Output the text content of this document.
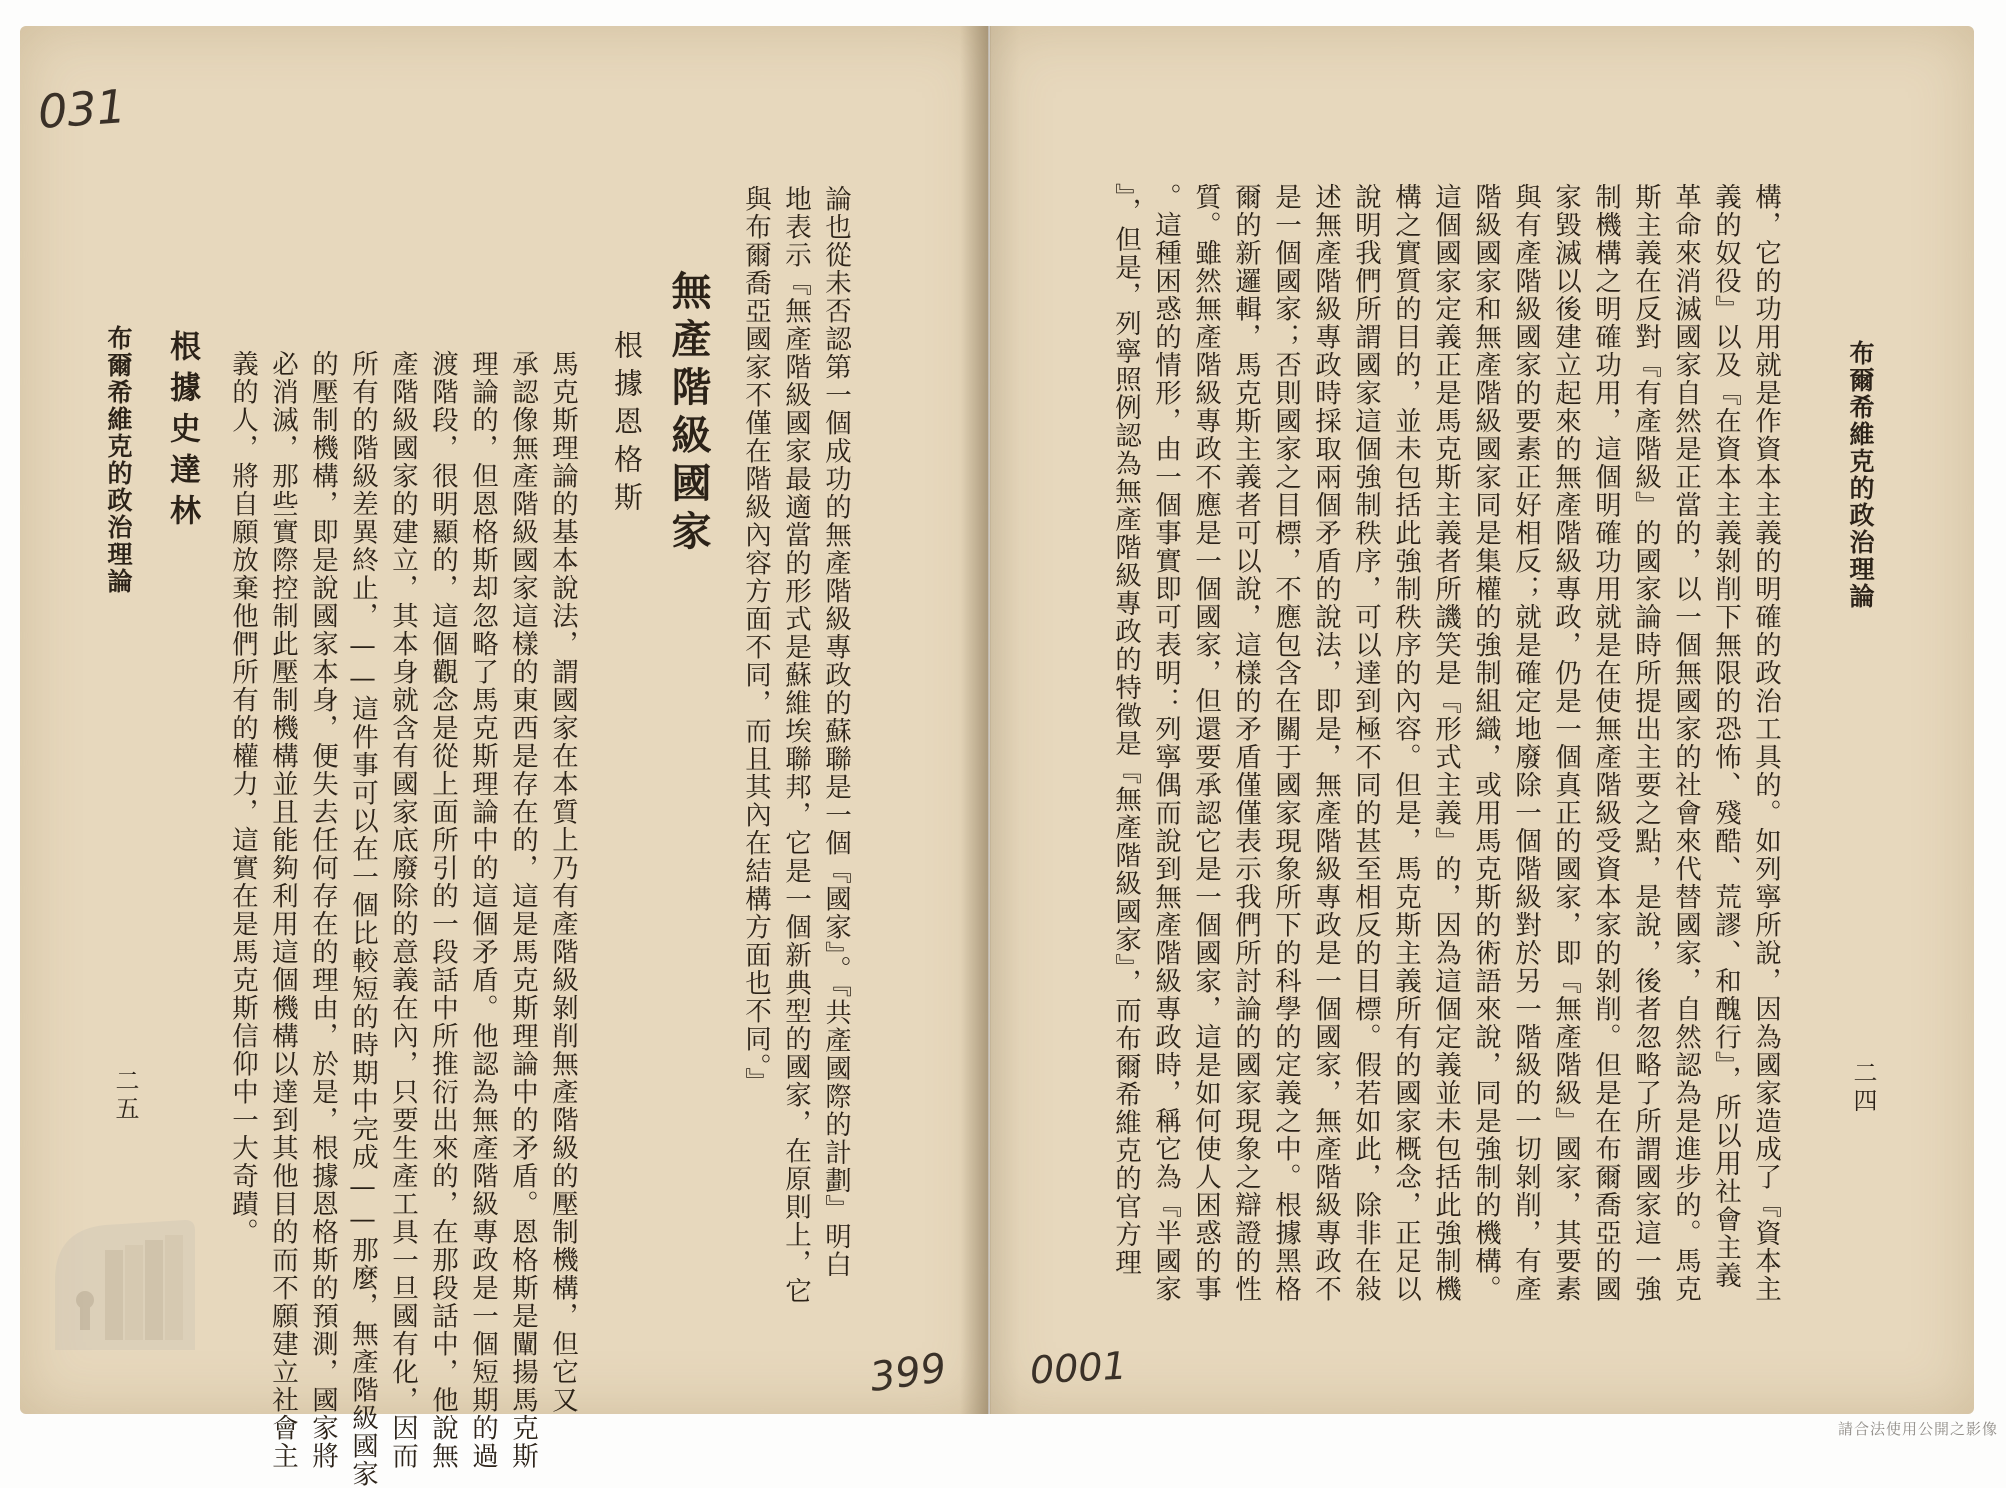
031
布爾希維克的政治理論 根據史達林
二五	馬克斯理論的基本說法，謂國家在本質上乃有產階級剝削無產階級的壓制機構，但它又
承認像無產階級國家這樣的東西是存在的，這是馬克斯理論中的矛盾。恩格斯是闡揚馬克斯
理論的，但恩格斯却忽略了馬克斯理論中的這個矛盾。他認為無產階級專政是一個短期的過
渡階段，很明顯的，這個觀念是從上面所引的一段話中所推衍出來的，在那段話中，他說無
產階級國家的建立，其本身就含有國家底廢除的意義在內，只要生產工具一旦國有化，因而
所有的階級差異終止，——這件事可以在一個比較短的時期中完成——那麼，無產階級國家
的壓制機構，即是說國家本身，便失去任何存在的理由，於是，根據恩格斯的預測，國家將
必消滅，那些實際控制此壓制機構並且能夠利用這個機構以達到其他目的而不願建立社會主
義的人，將自願放棄他們所有的權力，這實在是馬克斯信仰中一大奇蹟。	根據恩格斯 無產階級國家	論也從未否認第一個成功的無產階級專政的蘇聯是一個『國家』。『共產國際的計劃』明白
地表示『無產階級國家最適當的形式是蘇維埃聯邦，它是一個新典型的國家，在原則上，它
與布爾喬亞國家不僅在階級內容方面不同，而且其內在結構方面也不同。』
399
布爾希維克的政治理論
二四
構，它的功用就是作資本主義的明確的政治工具的。如列寧所說，因為國家造成了『資本主
義的奴役』以及『在資本主義剝削下無限的恐怖、殘酷、荒謬、和醜行』，所以用社會主義
革命來消滅國家自然是正當的，以一個無國家的社會來代替國家，自然認為是進步的。馬克
斯主義在反對『有產階級』的國家論時所提出主要之點，是說，後者忽略了所謂國家這一強
制機構之明確功用，這個明確功用就是在使無產階級受資本家的剝削。但是在布爾喬亞的國
家毀滅以後建立起來的無產階級專政，仍是一個真正的國家，即『無產階級』國家，其要素
與有產階級國家的要素正好相反；就是確定地廢除一個階級對於另一階級的一切剝削，有產
階級國家和無產階級國家同是集權的強制組織，或用馬克斯的術語來說，同是強制的機構。
這個國家定義正是馬克斯主義者所譏笑是『形式主義』的，因為這個定義並未包括此強制機
構之實質的目的，並未包括此強制秩序的內容。但是，馬克斯主義所有的國家概念，正足以
說明我們所謂國家這個強制秩序，可以達到極不同的甚至相反的目標。假若如此，除非在敍
述無產階級專政時採取兩個矛盾的說法，即是，無產階級專政是一個國家，無產階級專政不
是一個國家；否則國家之目標，不應包含在關于國家現象所下的科學的定義之中。根據黑格
爾的新邏輯，馬克斯主義者可以說，這樣的矛盾僅僅表示我們所討論的國家現象之辯證的性
質。雖然無產階級專政不應是一個國家，但還要承認它是一個國家，這是如何使人困惑的事
。這種困惑的情形，由一個事實即可表明：列寧偶而說到無產階級專政時，稱它為『半國家
』，但是，列寧照例認為無產階級專政的特徵是『無產階級國家』，而布爾希維克的官方理
0001
請合法使用公開之影像
